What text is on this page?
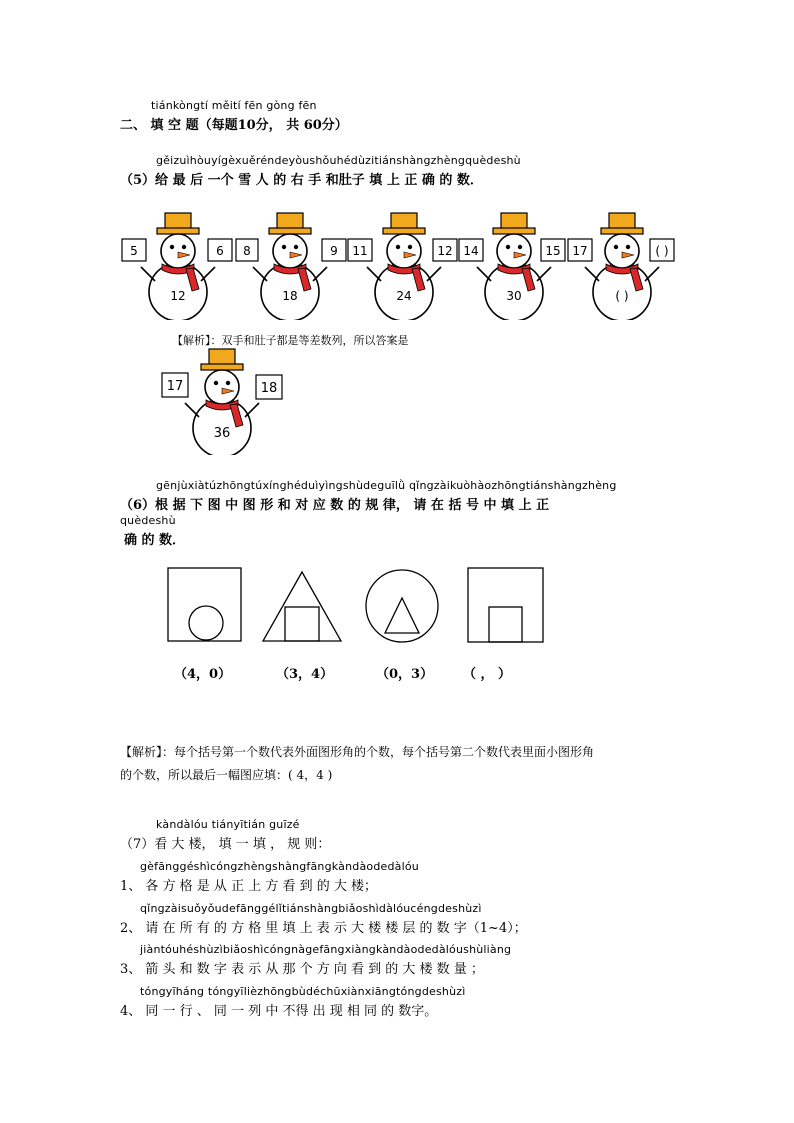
tiánkòngtí měití fēn gòng fēn
二、 填 空 题（每题10分， 共 60分）
gěizuìhòuyígèxuěréndeyòushǒuhédùzitiánshàngzhèngquèdeshù
（5）给 最 后 一个 雪 人 的 右 手 和肚子 填 上 正 确 的 数．
5	6
12
8	9
18
11	12
24
14	15
30
17	( )
( )
【解析】：双手和肚子都是等差数列，所以答案是
17	18
36
gēnjùxiàtúzhōngtúxínghéduìyìngshùdeguīlǜ qǐngzàikuòhàozhōngtiánshàngzhèng
（6）根 据 下 图 中 图 形 和 对 应 数 的 规 律， 请 在 括 号 中 填 上 正
quèdeshù
确 的 数．
（4，0）	（3，4）	（0，3） （ ， ）
【解析】：每个括号第一个数代表外面图形角的个数，每个括号第二个数代表里面小图形角
的个数，所以最后一幅图应填：( 4，4 )
kàndàlóu tiányītián guīzé
（7）看 大 楼， 填 一 填 ， 规 则：
gèfānggéshìcóngzhèngshàngfāngkàndàodedàlóu
1、 各 方 格 是 从 正 上 方 看 到 的 大 楼；
qǐngzàisuǒyǒudefānggélǐtiánshàngbiǎoshìdàlóucéngdeshùzì
2、 请 在 所 有 的 方 格 里 填 上 表 示 大 楼 楼 层 的 数 字（1~4）；
jiàntóuhéshùzìbiǎoshìcóngnàgefāngxiàngkàndàodedàlóushùliàng
3、 箭 头 和 数 字 表 示 从 那 个 方 向 看 到 的 大 楼 数 量 ；
tóngyīháng tóngyīlièzhōngbùdéchūxiànxiāngtóngdeshùzì
4、 同 一 行 、 同 一 列 中 不得 出 现 相 同 的 数字。
